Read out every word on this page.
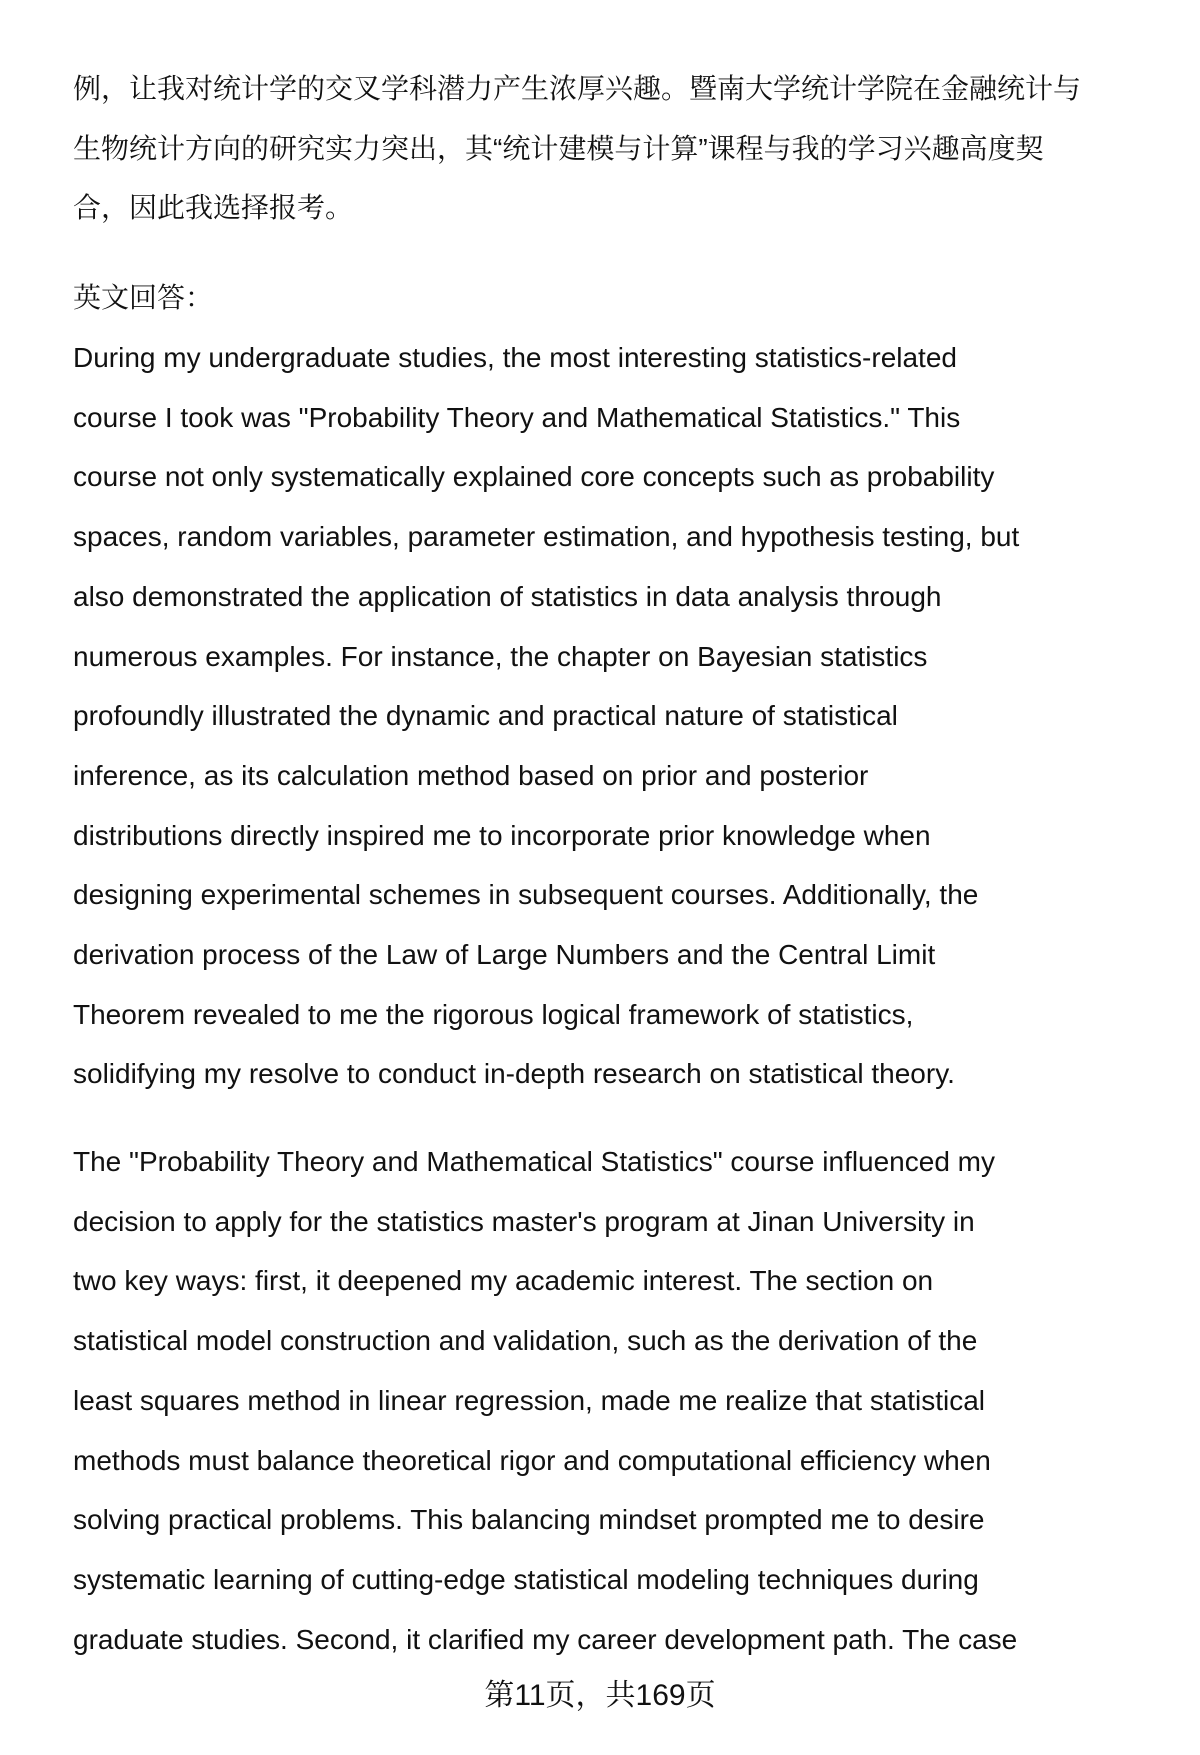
例，让我对统计学的交叉学科潜力产生浓厚兴趣。暨南大学统计学院在金融统计与
生物统计方向的研究实力突出，其“统计建模与计算”课程与我的学习兴趣高度契
合，因此我选择报考。
英文回答：
During my undergraduate studies, the most interesting statistics-related
course I took was "Probability Theory and Mathematical Statistics." This
course not only systematically explained core concepts such as probability
spaces, random variables, parameter estimation, and hypothesis testing, but
also demonstrated the application of statistics in data analysis through
numerous examples. For instance, the chapter on Bayesian statistics
profoundly illustrated the dynamic and practical nature of statistical
inference, as its calculation method based on prior and posterior
distributions directly inspired me to incorporate prior knowledge when
designing experimental schemes in subsequent courses. Additionally, the
derivation process of the Law of Large Numbers and the Central Limit
Theorem revealed to me the rigorous logical framework of statistics,
solidifying my resolve to conduct in-depth research on statistical theory.
The "Probability Theory and Mathematical Statistics" course influenced my
decision to apply for the statistics master's program at Jinan University in
two key ways: first, it deepened my academic interest. The section on
statistical model construction and validation, such as the derivation of the
least squares method in linear regression, made me realize that statistical
methods must balance theoretical rigor and computational efficiency when
solving practical problems. This balancing mindset prompted me to desire
systematic learning of cutting-edge statistical modeling techniques during
graduate studies. Second, it clarified my career development path. The case
第11页，共169页
